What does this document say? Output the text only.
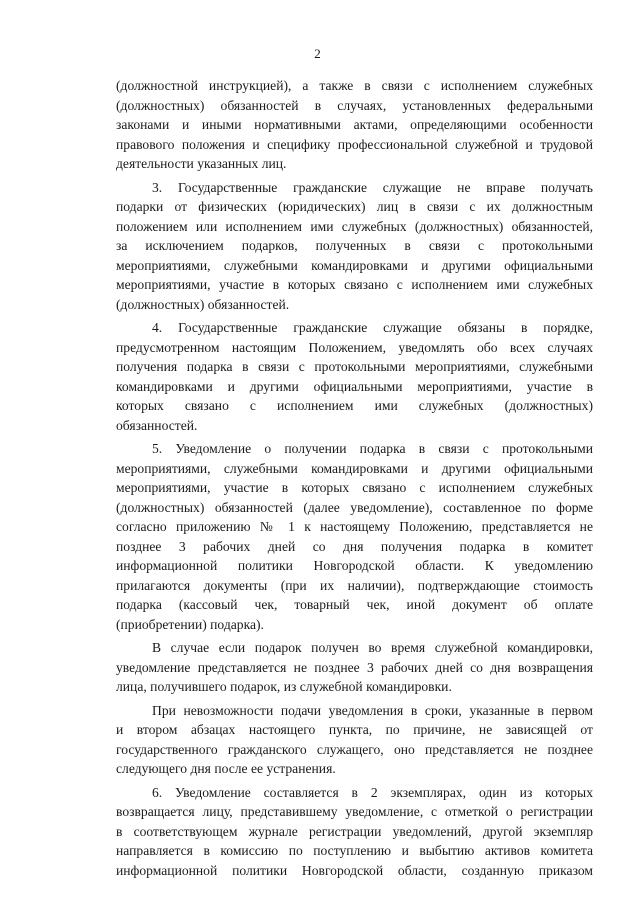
2
(должностной инструкцией), а также в связи с исполнением служебных
(должностных) обязанностей в случаях, установленных федеральными
законами и иными нормативными актами, определяющими особенности
правового положения и специфику профессиональной служебной и трудовой
деятельности указанных лиц.
3. Государственные гражданские служащие не вправе получать
подарки от физических (юридических) лиц в связи с их должностным
положением или исполнением ими служебных (должностных) обязанностей,
за исключением подарков, полученных в связи с протокольными
мероприятиями, служебными командировками и другими официальными
мероприятиями, участие в которых связано с исполнением ими служебных
(должностных) обязанностей.
4. Государственные гражданские служащие обязаны в порядке,
предусмотренном настоящим Положением, уведомлять обо всех случаях
получения подарка в связи с протокольными мероприятиями, служебными
командировками и другими официальными мероприятиями, участие в
которых связано с исполнением ими служебных (должностных)
обязанностей.
5. Уведомление о получении подарка в связи с протокольными
мероприятиями, служебными командировками и другими официальными
мероприятиями, участие в которых связано с исполнением служебных
(должностных) обязанностей (далее уведомление), составленное по форме
согласно приложению № 1 к настоящему Положению, представляется не
позднее 3 рабочих дней со дня получения подарка в комитет
информационной политики Новгородской области. К уведомлению
прилагаются документы (при их наличии), подтверждающие стоимость
подарка (кассовый чек, товарный чек, иной документ об оплате
(приобретении) подарка).
В случае если подарок получен во время служебной командировки,
уведомление представляется не позднее 3 рабочих дней со дня возвращения
лица, получившего подарок, из служебной командировки.
При невозможности подачи уведомления в сроки, указанные в первом
и втором абзацах настоящего пункта, по причине, не зависящей от
государственного гражданского служащего, оно представляется не позднее
следующего дня после ее устранения.
6. Уведомление составляется в 2 экземплярах, один из которых
возвращается лицу, представившему уведомление, с отметкой о регистрации
в соответствующем журнале регистрации уведомлений, другой экземпляр
направляется в комиссию по поступлению и выбытию активов комитета
информационной политики Новгородской области, созданную приказом
